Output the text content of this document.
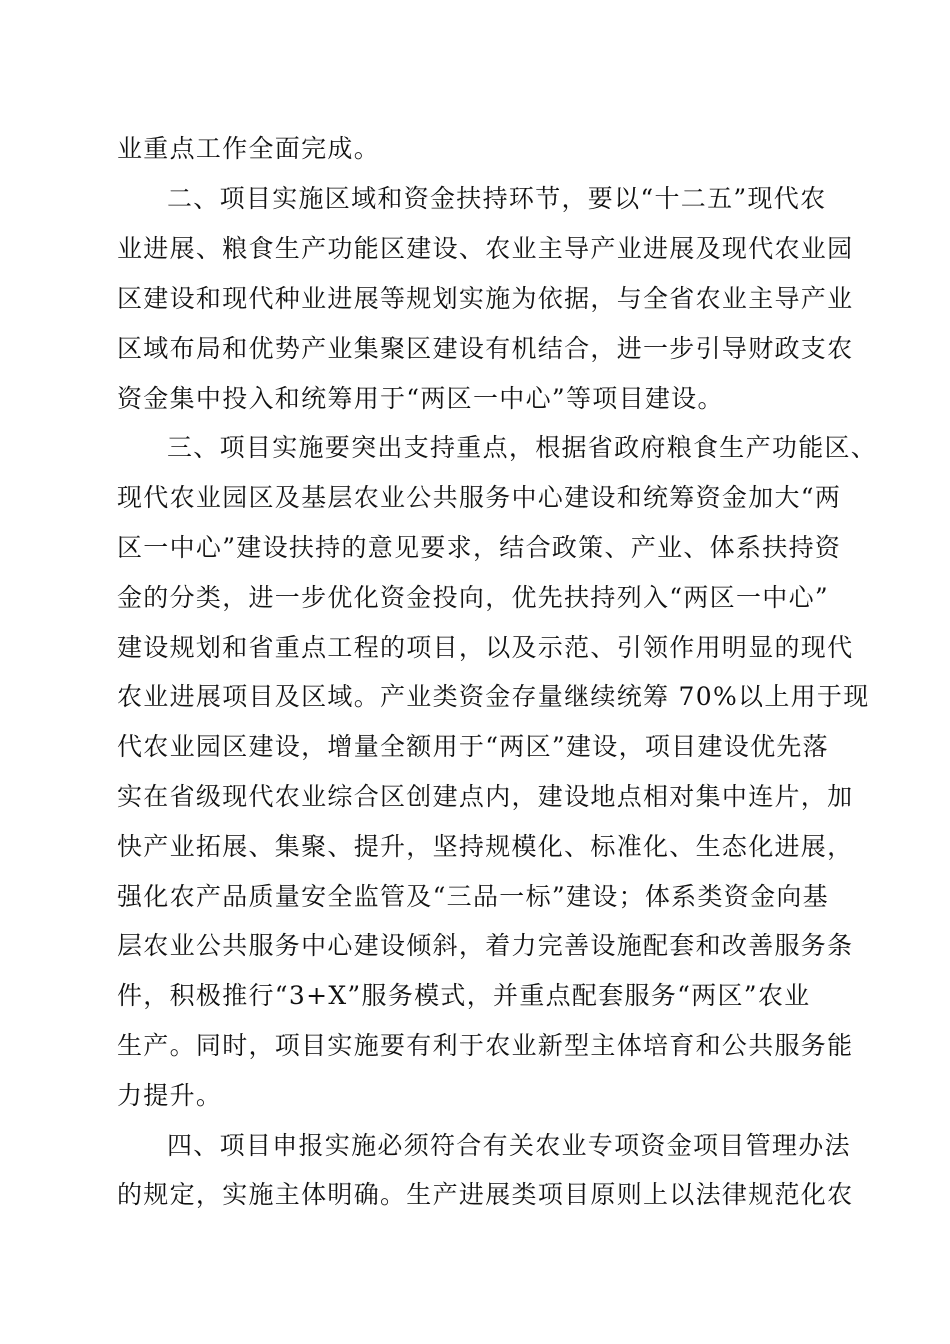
业重点工作全面完成。
二、项目实施区域和资金扶持环节，要以“十二五”现代农
业进展、粮食生产功能区建设、农业主导产业进展及现代农业园
区建设和现代种业进展等规划实施为依据，与全省农业主导产业
区域布局和优势产业集聚区建设有机结合，进一步引导财政支农
资金集中投入和统筹用于“两区一中心”等项目建设。
三、项目实施要突出支持重点，根据省政府粮食生产功能区、
现代农业园区及基层农业公共服务中心建设和统筹资金加大“两
区一中心”建设扶持的意见要求，结合政策、产业、体系扶持资
金的分类，进一步优化资金投向，优先扶持列入“两区一中心”
建设规划和省重点工程的项目，以及示范、引领作用明显的现代
农业进展项目及区域。产业类资金存量继续统筹 70%以上用于现
代农业园区建设，增量全额用于“两区”建设，项目建设优先落
实在省级现代农业综合区创建点内，建设地点相对集中连片，加
快产业拓展、集聚、提升，坚持规模化、标准化、生态化进展，
强化农产品质量安全监管及“三品一标”建设；体系类资金向基
层农业公共服务中心建设倾斜，着力完善设施配套和改善服务条
件，积极推行“3+X”服务模式，并重点配套服务“两区”农业
生产。同时，项目实施要有利于农业新型主体培育和公共服务能
力提升。
四、项目申报实施必须符合有关农业专项资金项目管理办法
的规定，实施主体明确。生产进展类项目原则上以法律规范化农
